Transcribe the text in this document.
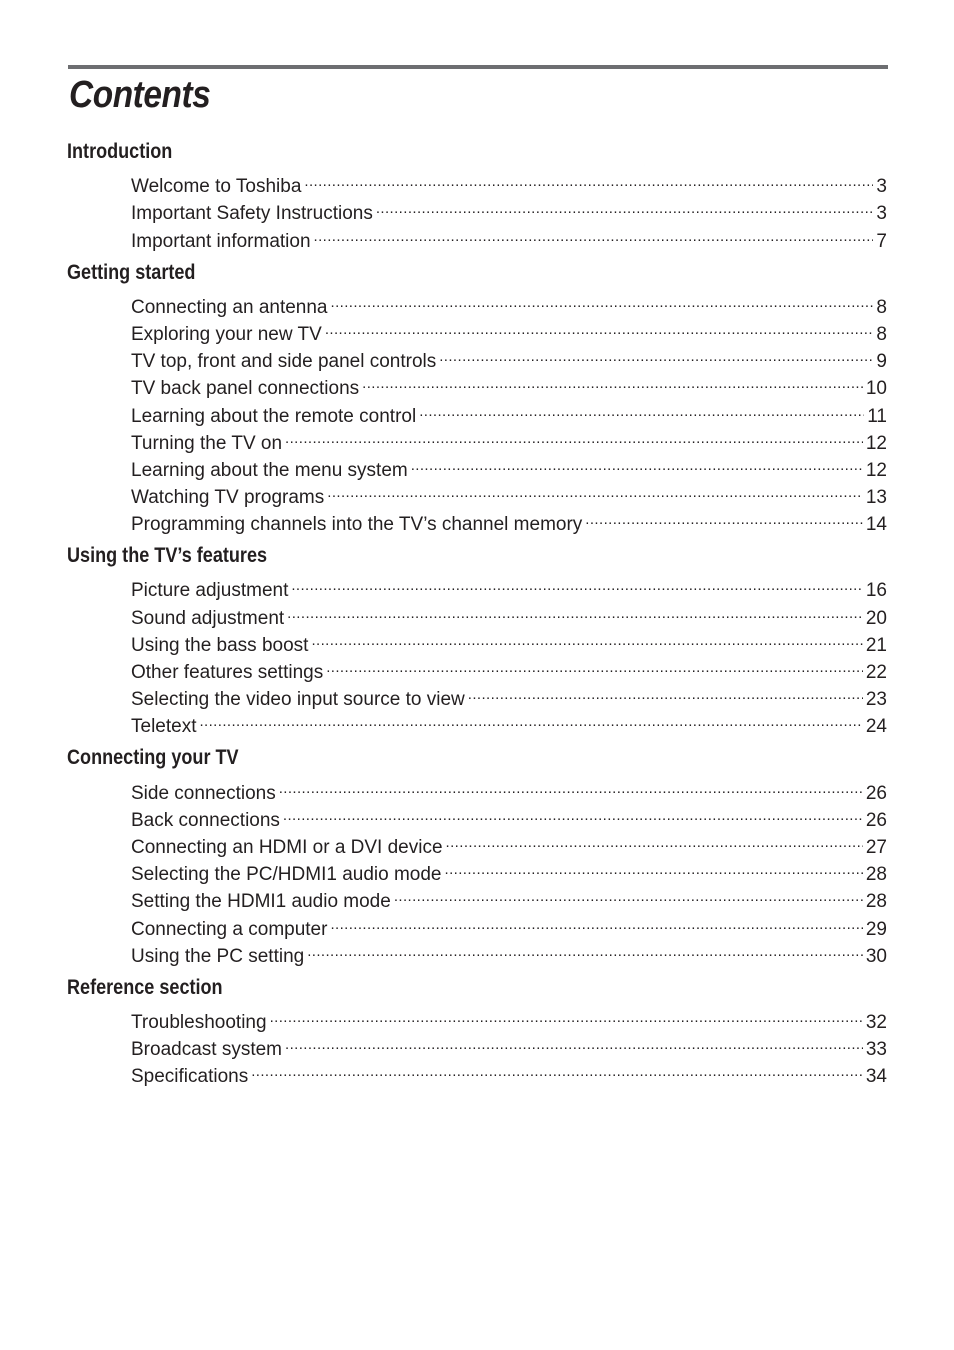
Contents
Introduction
Welcome to Toshiba .....	3
Important Safety Instructions .....	3
Important information .....	7
Getting started
Connecting an antenna .....	8
Exploring your new TV .....	8
TV top, front and side panel controls .....	9
TV back panel connections .....	10
Learning about the remote control .....	11
Turning the TV on .....	12
Learning about the menu system .....	12
Watching TV programs .....	13
Programming channels into the TV’s channel memory .....	14
Using the TV’s features
Picture adjustment .....	16
Sound adjustment .....	20
Using the bass boost .....	21
Other features settings .....	22
Selecting the video input source to view .....	23
Teletext .....	24
Connecting your TV
Side connections .....	26
Back connections .....	26
Connecting an HDMI or a DVI device .....	27
Selecting the PC/HDMI1 audio mode .....	28
Setting the HDMI1 audio mode .....	28
Connecting a computer .....	29
Using the PC setting .....	30
Reference section
Troubleshooting .....	32
Broadcast system .....	33
Specifications .....	34
